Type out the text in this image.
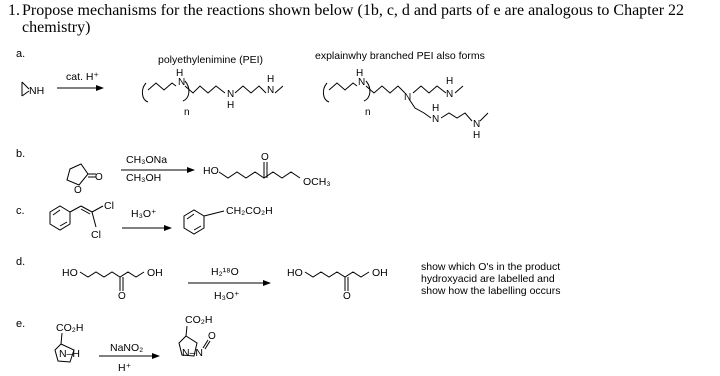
1. Propose mechanisms for the reactions shown below (1b, c, d and parts of e are analogous to Chapter 22
chemistry)
a.
b.
c.
d.
e.
polyethylenimine (PEI)	explainwhy branched PEI also forms
cat. H⁺
NH
CH₃ONa
CH₃OH
HO
OCH₃
Cl
Cl
H₃O⁺	CH₂CO₂H
HO	OH	H₂¹⁸O
H₃O⁺
HO	OH	show which O's in the product
hydroxyacid are labelled and
show how the labelling occurs
CO₂H
N–H	NaNO₂
H⁺
CO₂H
N–N
N
H
n
N
H
N
H	N
H
n
N	N
H
N
H
N
H
O
O
O
O	O
O
